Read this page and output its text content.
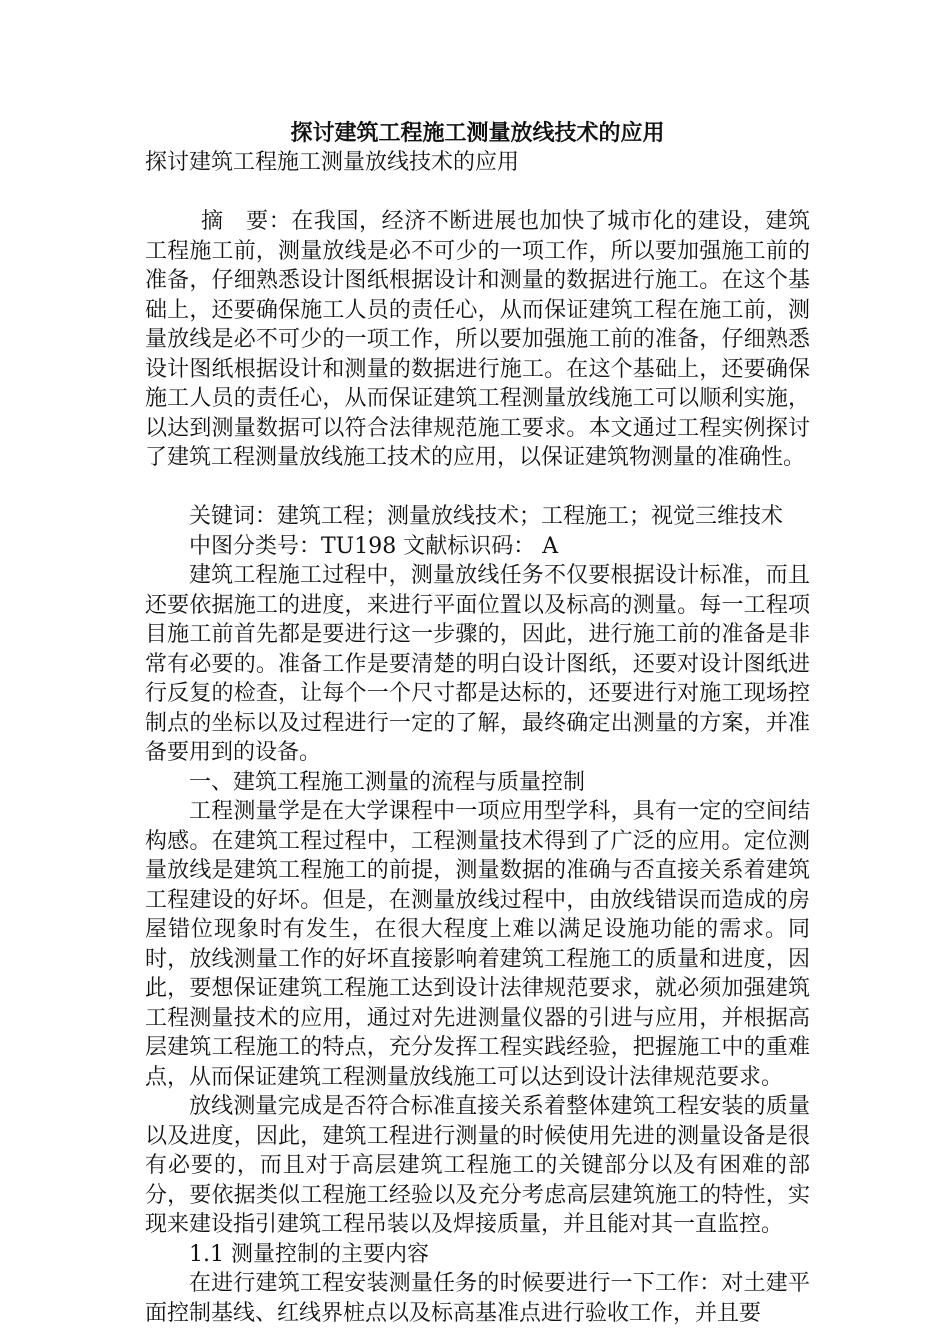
探讨建筑工程施工测量放线技术的应用

探讨建筑工程施工测量放线技术的应用

摘　要：在我国，经济不断进展也加快了城市化的建设，建筑工程施工前，测量放线是必不可少的一项工作，所以要加强施工前的准备，仔细熟悉设计图纸根据设计和测量的数据进行施工。在这个基础上，还要确保施工人员的责任心，从而保证建筑工程在施工前，测量放线是必不可少的一项工作，所以要加强施工前的准备，仔细熟悉设计图纸根据设计和测量的数据进行施工。在这个基础上，还要确保施工人员的责任心，从而保证建筑工程测量放线施工可以顺利实施，以达到测量数据可以符合法律规范施工要求。本文通过工程实例探讨了建筑工程测量放线施工技术的应用，以保证建筑物测量的准确性。

关键词：建筑工程；测量放线技术；工程施工；视觉三维技术

中图分类号：TU198 文献标识码： A

建筑工程施工过程中，测量放线任务不仅要根据设计标准，而且还要依据施工的进度，来进行平面位置以及标高的测量。每一工程项目施工前首先都是要进行这一步骤的，因此，进行施工前的准备是非常有必要的。准备工作是要清楚的明白设计图纸，还要对设计图纸进行反复的检查，让每个一个尺寸都是达标的，还要进行对施工现场控制点的坐标以及过程进行一定的了解，最终确定出测量的方案，并准备要用到的设备。

一、建筑工程施工测量的流程与质量控制

工程测量学是在大学课程中一项应用型学科，具有一定的空间结构感。在建筑工程过程中，工程测量技术得到了广泛的应用。定位测量放线是建筑工程施工的前提，测量数据的准确与否直接关系着建筑工程建设的好坏。但是，在测量放线过程中，由放线错误而造成的房屋错位现象时有发生，在很大程度上难以满足设施功能的需求。同时，放线测量工作的好坏直接影响着建筑工程施工的质量和进度，因此，要想保证建筑工程施工达到设计法律规范要求，就必须加强建筑工程测量技术的应用，通过对先进测量仪器的引进与应用，并根据高层建筑工程施工的特点，充分发挥工程实践经验，把握施工中的重难点，从而保证建筑工程测量放线施工可以达到设计法律规范要求。

放线测量完成是否符合标准直接关系着整体建筑工程安装的质量以及进度，因此，建筑工程进行测量的时候使用先进的测量设备是很有必要的，而且对于高层建筑工程施工的关键部分以及有困难的部分，要依据类似工程施工经验以及充分考虑高层建筑施工的特性，实现来建设指引建筑工程吊装以及焊接质量，并且能对其一直监控。

1.1 测量控制的主要内容

在进行建筑工程安装测量任务的时候要进行一下工作：对土建平面控制基线、红线界桩点以及标高基准点进行验收工作，并且要
